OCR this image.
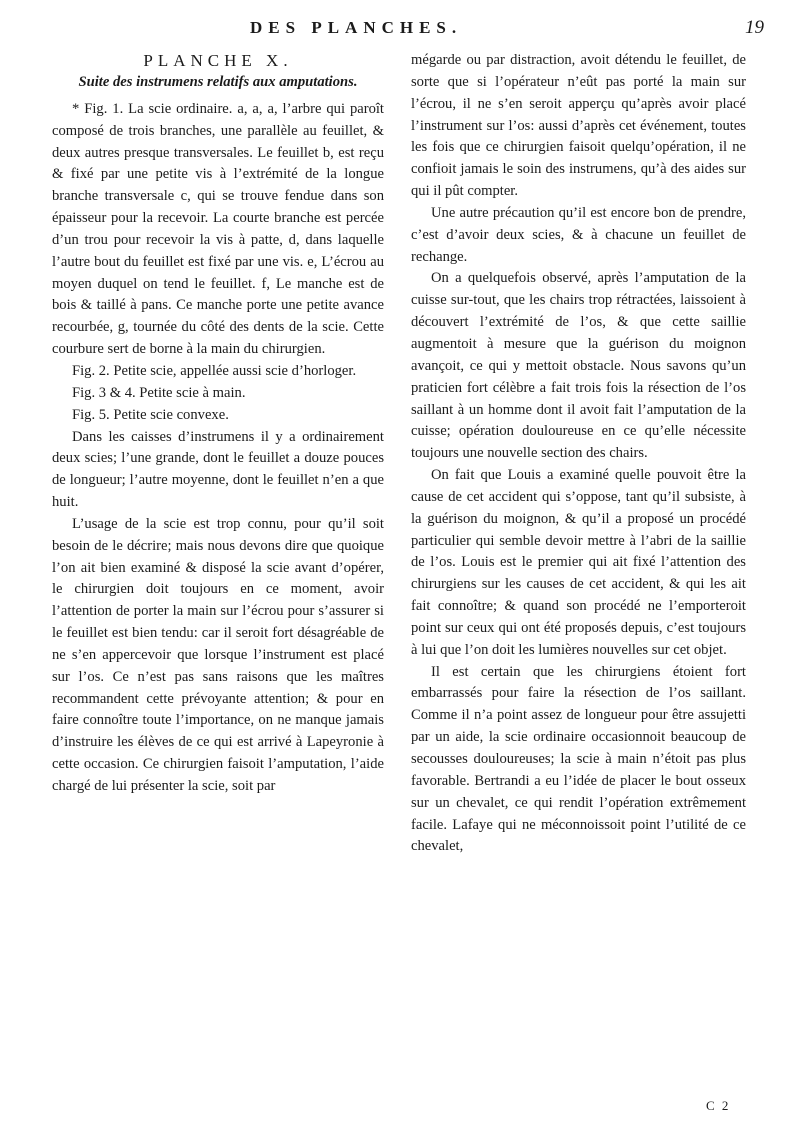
DES PLANCHES.	19

PLANCHE X.

Suite des instrumens relatifs aux amputations.

* Fig. 1. La scie ordinaire. a, a, a, l’arbre qui paroît composé de trois branches, une parallèle au feuillet, & deux autres presque transversales. Le feuillet b, est reçu & fixé par une petite vis à l’extrémité de la longue branche transversale c, qui se trouve fendue dans son épaisseur pour la recevoir. La courte branche est percée d’un trou pour recevoir la vis à patte, d, dans laquelle l’autre bout du feuillet est fixé par une vis. e, L’écrou au moyen duquel on tend le feuillet. f, Le manche est de bois & taillé à pans. Ce manche porte une petite avance recourbée, g, tournée du côté des dents de la scie. Cette courbure sert de borne à la main du chirurgien.

Fig. 2. Petite scie, appellée aussi scie d’horloger.

Fig. 3 & 4. Petite scie à main.

Fig. 5. Petite scie convexe.

Dans les caisses d’instrumens il y a ordinairement deux scies; l’une grande, dont le feuillet a douze pouces de longueur; l’autre moyenne, dont le feuillet n’en a que huit.

L’usage de la scie est trop connu, pour qu’il soit besoin de le décrire; mais nous devons dire que quoique l’on ait bien examiné & disposé la scie avant d’opérer, le chirurgien doit toujours en ce moment, avoir l’attention de porter la main sur l’écrou pour s’assurer si le feuillet est bien tendu: car il seroit fort désagréable de ne s’en appercevoir que lorsque l’instrument est placé sur l’os. Ce n’est pas sans raisons que les maîtres recommandent cette prévoyante attention; & pour en faire connoître toute l’importance, on ne manque jamais d’instruire les élèves de ce qui est arrivé à Lapeyronie à cette occasion. Ce chirurgien faisoit l’amputation, l’aide chargé de lui présenter la scie, soit par

mégarde ou par distraction, avoit détendu le feuillet, de sorte que si l’opérateur n’eût pas porté la main sur l’écrou, il ne s’en seroit apperçu qu’après avoir placé l’instrument sur l’os: aussi d’après cet événement, toutes les fois que ce chirurgien faisoit quelqu’opération, il ne confioit jamais le soin des instrumens, qu’à des aides sur qui il pût compter.

Une autre précaution qu’il est encore bon de prendre, c’est d’avoir deux scies, & à chacune un feuillet de rechange.

On a quelquefois observé, après l’amputation de la cuisse sur-tout, que les chairs trop rétractées, laissoient à découvert l’extrémité de l’os, & que cette saillie augmentoit à mesure que la guérison du moignon avançoit, ce qui y mettoit obstacle. Nous savons qu’un praticien fort célèbre a fait trois fois la résection de l’os saillant à un homme dont il avoit fait l’amputation de la cuisse; opération douloureuse en ce qu’elle nécessite toujours une nouvelle section des chairs.

On fait que Louis a examiné quelle pouvoit être la cause de cet accident qui s’oppose, tant qu’il subsiste, à la guérison du moignon, & qu’il a proposé un procédé particulier qui semble devoir mettre à l’abri de la saillie de l’os. Louis est le premier qui ait fixé l’attention des chirurgiens sur les causes de cet accident, & qui les ait fait connoître; & quand son procédé ne l’emporteroit point sur ceux qui ont été proposés depuis, c’est toujours à lui que l’on doit les lumières nouvelles sur cet objet.

Il est certain que les chirurgiens étoient fort embarrassés pour faire la résection de l’os saillant. Comme il n’a point assez de longueur pour être assujetti par un aide, la scie ordinaire occasionnoit beaucoup de secousses douloureuses; la scie à main n’étoit pas plus favorable. Bertrandi a eu l’idée de placer le bout osseux sur un chevalet, ce qui rendit l’opération extrêmement facile. Lafaye qui ne méconnoissoit point l’utilité de ce chevalet,

C 2
